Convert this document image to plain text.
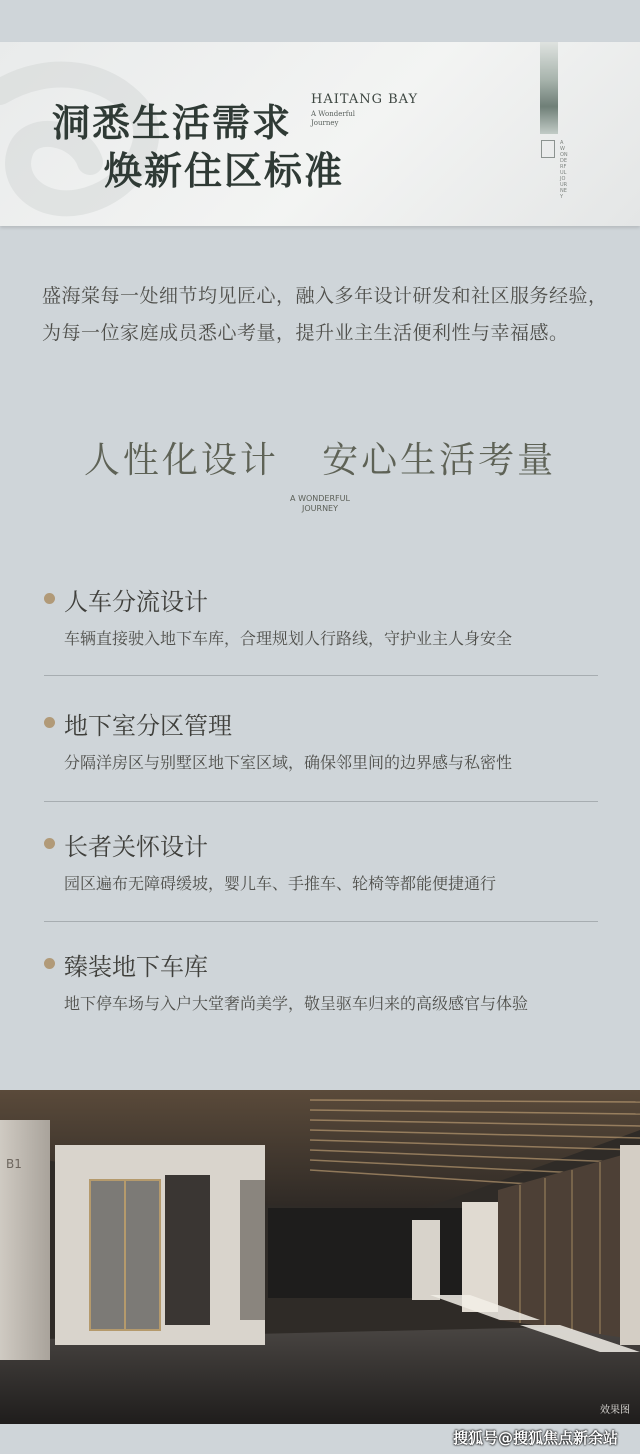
洞悉生活需求
焕新住区标准
HAITANG BAY
A Wonderful Journey
A WONDERFUL JOURNEY
盛海棠每一处细节均见匠心，融入多年设计研发和社区服务经验，为每一位家庭成员悉心考量，提升业主生活便利性与幸福感。
人性化设计   安心生活考量
A WONDERFUL
JOURNEY
人车分流设计
车辆直接驶入地下车库，合理规划人行路线，守护业主人身安全
地下室分区管理
分隔洋房区与别墅区地下室区域，确保邻里间的边界感与私密性
长者关怀设计
园区遍布无障碍缓坡，婴儿车、手推车、轮椅等都能便捷通行
臻装地下车库
地下停车场与入户大堂奢尚美学，敬呈驱车归来的高级感官与体验
B1
效果图
搜狐号@搜狐焦点新余站
